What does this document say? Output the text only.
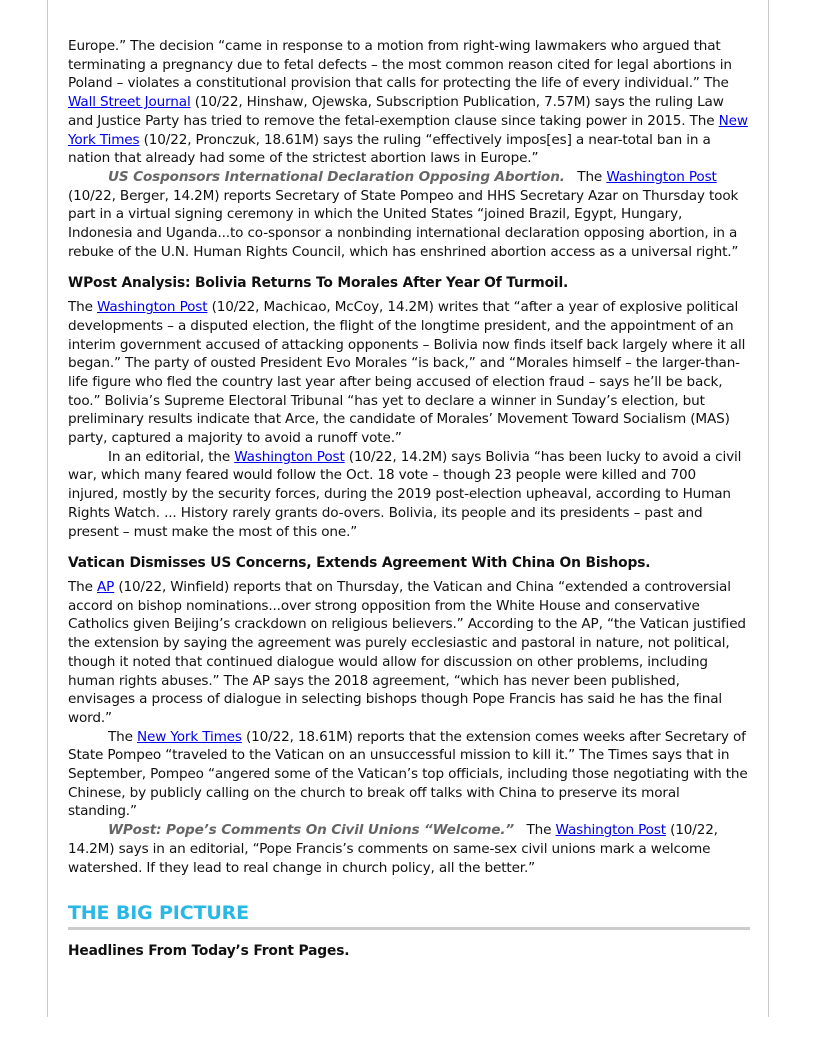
Europe.” The decision “came in response to a motion from right-wing lawmakers who argued that terminating a pregnancy due to fetal defects – the most common reason cited for legal abortions in Poland – violates a constitutional provision that calls for protecting the life of every individual.” The Wall Street Journal (10/22, Hinshaw, Ojewska, Subscription Publication, 7.57M) says the ruling Law and Justice Party has tried to remove the fetal-exemption clause since taking power in 2015. The New York Times (10/22, Pronczuk, 18.61M) says the ruling “effectively impos[es] a near-total ban in a nation that already had some of the strictest abortion laws in Europe.”

US Cosponsors International Declaration Opposing Abortion.   The Washington Post (10/22, Berger, 14.2M) reports Secretary of State Pompeo and HHS Secretary Azar on Thursday took part in a virtual signing ceremony in which the United States “joined Brazil, Egypt, Hungary, Indonesia and Uganda...to co-sponsor a nonbinding international declaration opposing abortion, in a rebuke of the U.N. Human Rights Council, which has enshrined abortion access as a universal right.”

WPost Analysis: Bolivia Returns To Morales After Year Of Turmoil.

The Washington Post (10/22, Machicao, McCoy, 14.2M) writes that “after a year of explosive political developments – a disputed election, the flight of the longtime president, and the appointment of an interim government accused of attacking opponents – Bolivia now finds itself back largely where it all began.” The party of ousted President Evo Morales “is back,” and “Morales himself – the larger-than-life figure who fled the country last year after being accused of election fraud – says he’ll be back, too.” Bolivia’s Supreme Electoral Tribunal “has yet to declare a winner in Sunday’s election, but preliminary results indicate that Arce, the candidate of Morales’ Movement Toward Socialism (MAS) party, captured a majority to avoid a runoff vote.”

In an editorial, the Washington Post (10/22, 14.2M) says Bolivia “has been lucky to avoid a civil war, which many feared would follow the Oct. 18 vote – though 23 people were killed and 700 injured, mostly by the security forces, during the 2019 post-election upheaval, according to Human Rights Watch. ... History rarely grants do-overs. Bolivia, its people and its presidents – past and present – must make the most of this one.”

Vatican Dismisses US Concerns, Extends Agreement With China On Bishops.

The AP (10/22, Winfield) reports that on Thursday, the Vatican and China “extended a controversial accord on bishop nominations...over strong opposition from the White House and conservative Catholics given Beijing’s crackdown on religious believers.” According to the AP, “the Vatican justified the extension by saying the agreement was purely ecclesiastic and pastoral in nature, not political, though it noted that continued dialogue would allow for discussion on other problems, including human rights abuses.” The AP says the 2018 agreement, “which has never been published, envisages a process of dialogue in selecting bishops though Pope Francis has said he has the final word.”

The New York Times (10/22, 18.61M) reports that the extension comes weeks after Secretary of State Pompeo “traveled to the Vatican on an unsuccessful mission to kill it.” The Times says that in September, Pompeo “angered some of the Vatican’s top officials, including those negotiating with the Chinese, by publicly calling on the church to break off talks with China to preserve its moral standing.”

WPost: Pope’s Comments On Civil Unions “Welcome.”   The Washington Post (10/22, 14.2M) says in an editorial, “Pope Francis’s comments on same-sex civil unions mark a welcome watershed. If they lead to real change in church policy, all the better.”

THE BIG PICTURE
Headlines From Today’s Front Pages.
